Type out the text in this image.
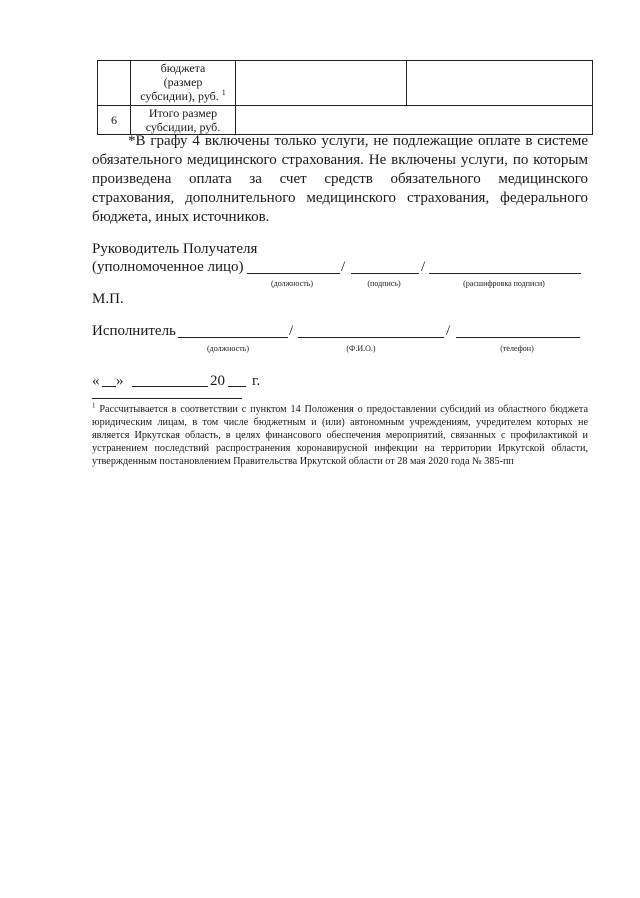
	бюджета
(размер
субсидии), руб. $^1$

6	Итого размер
субсидии, руб.		

*В графу 4 включены только услуги, не подлежащие оплате в системе обязательного медицинского страхования. Не включены услуги, по которым произведена оплата за счет средств обязательного медицинского страхования, дополнительного медицинского страхования, федерального бюджета, иных источников.

Руководитель Получателя
(уполномоченное лицо)	/	/
(должность)	(подпись)	(расшифровка подписи)
М.П.
Исполнитель	/	/
(должность)	(Ф.И.О.)	(телефон)
« »	20 г.

$^1$ Рассчитывается в соответствии с пунктом 14 Положения о предоставлении субсидий из областного бюджета юридическим лицам, в том числе бюджетным и (или) автономным учреждениям, учредителем которых не является Иркутская область, в целях финансового обеспечения мероприятий, связанных с профилактикой и устранением последствий распространения коронавирусной инфекции на территории Иркутской области, утвержденным постановлением Правительства Иркутской области от 28 мая 2020 года № 385-пп
